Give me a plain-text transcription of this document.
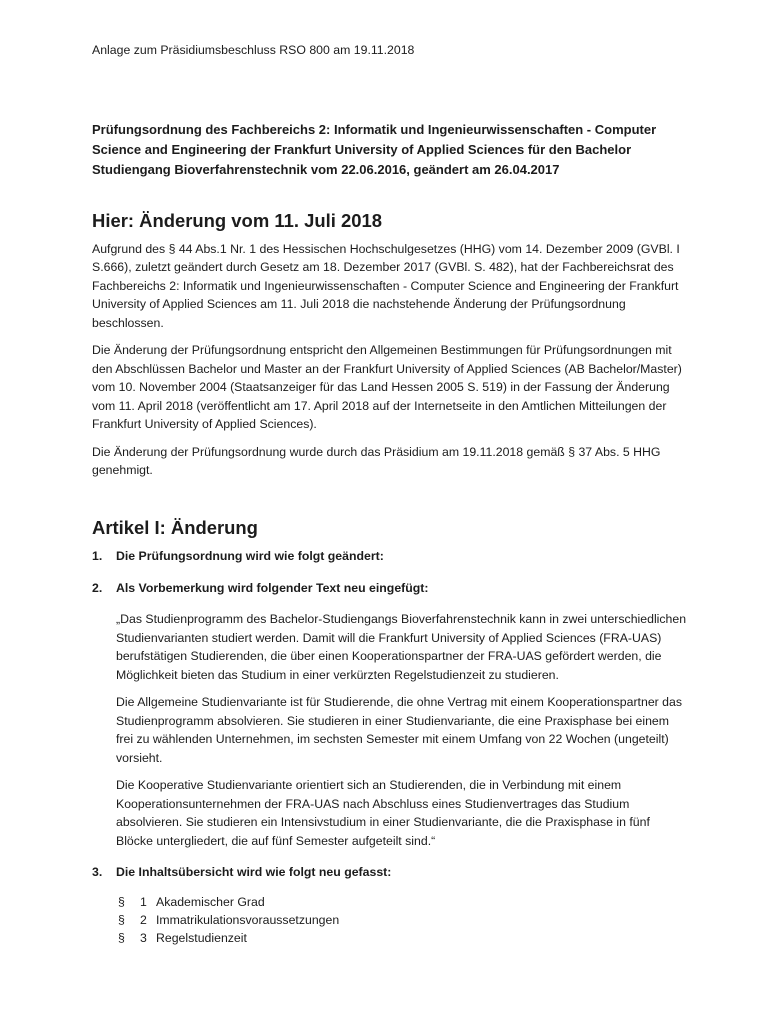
Anlage zum Präsidiumsbeschluss RSO 800 am 19.11.2018

Prüfungsordnung des Fachbereichs 2: Informatik und Ingenieurwissenschaften - Computer Science and Engineering der Frankfurt University of Applied Sciences für den Bachelor Studiengang Bioverfahrenstechnik vom 22.06.2016, geändert am 26.04.2017
Hier: Änderung vom 11. Juli 2018

Aufgrund des § 44 Abs.1 Nr. 1 des Hessischen Hochschulgesetzes (HHG) vom 14. Dezember 2009 (GVBl. I S.666), zuletzt geändert durch Gesetz am 18. Dezember 2017 (GVBl. S. 482), hat der Fachbereichsrat des Fachbereichs 2: Informatik und Ingenieurwissenschaften - Computer Science and Engineering der Frankfurt University of Applied Sciences am 11. Juli 2018 die nachstehende Änderung der Prüfungsordnung beschlossen.

Die Änderung der Prüfungsordnung entspricht den Allgemeinen Bestimmungen für Prüfungsordnungen mit den Abschlüssen Bachelor und Master an der Frankfurt University of Applied Sciences (AB Bachelor/Master) vom 10. November 2004 (Staatsanzeiger für das Land Hessen 2005 S. 519) in der Fassung der Änderung vom 11. April 2018 (veröffentlicht am 17. April 2018 auf der Internetseite in den Amtlichen Mitteilungen der Frankfurt University of Applied Sciences).

Die Änderung der Prüfungsordnung wurde durch das Präsidium am 19.11.2018 gemäß § 37 Abs. 5 HHG genehmigt.

Artikel I: Änderung
1.	Die Prüfungsordnung wird wie folgt geändert:
2.	Als Vorbemerkung wird folgender Text neu eingefügt:

„Das Studienprogramm des Bachelor-Studiengangs Bioverfahrenstechnik kann in zwei unterschiedlichen Studienvarianten studiert werden. Damit will die Frankfurt University of Applied Sciences (FRA-UAS) berufstätigen Studierenden, die über einen Kooperationspartner der FRA-UAS gefördert werden, die Möglichkeit bieten das Studium in einer verkürzten Regelstudienzeit zu studieren.

Die Allgemeine Studienvariante ist für Studierende, die ohne Vertrag mit einem Kooperationspartner das Studienprogramm absolvieren. Sie studieren in einer Studienvariante, die eine Praxisphase bei einem frei zu wählenden Unternehmen, im sechsten Semester mit einem Umfang von 22 Wochen (ungeteilt) vorsieht.

Die Kooperative Studienvariante orientiert sich an Studierenden, die in Verbindung mit einem Kooperationsunternehmen der FRA-UAS nach Abschluss eines Studienvertrages das Studium absolvieren. Sie studieren ein Intensivstudium in einer Studienvariante, die die Praxisphase in fünf Blöcke untergliedert, die auf fünf Semester aufgeteilt sind.“

3.	Die Inhaltsübersicht wird wie folgt neu gefasst:
§	1 Akademischer Grad
§	2 Immatrikulationsvoraussetzungen
§	3 Regelstudienzeit
